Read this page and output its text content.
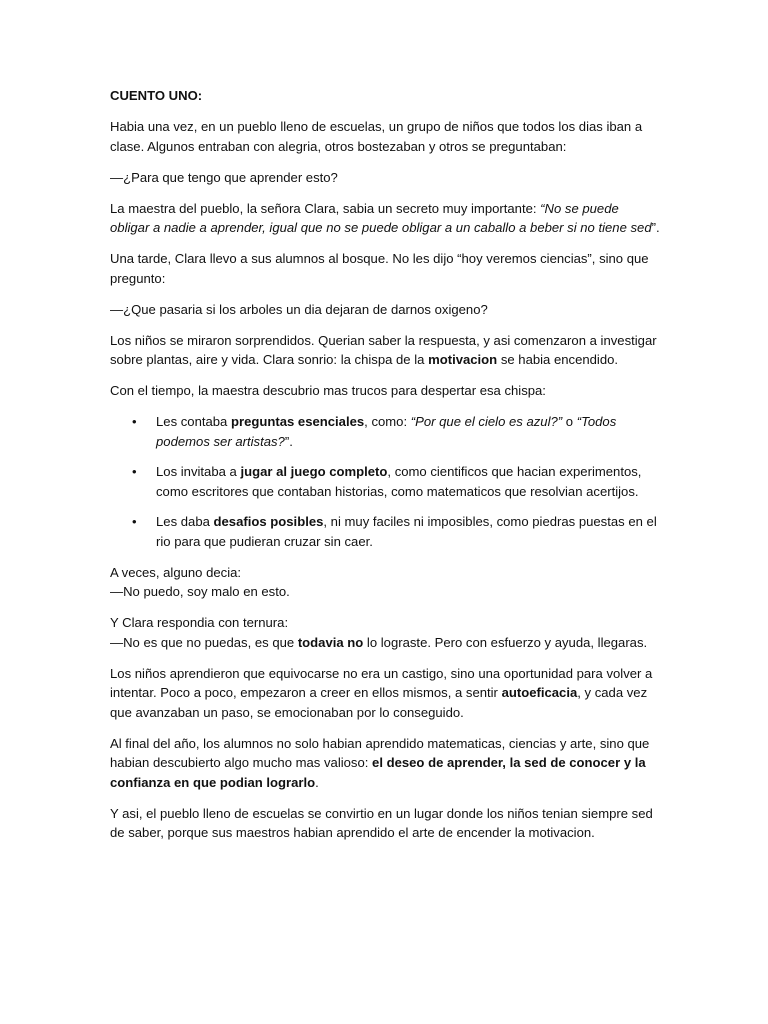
CUENTO UNO:

Habia una vez, en un pueblo lleno de escuelas, un grupo de niños que todos los dias iban a clase. Algunos entraban con alegria, otros bostezaban y otros se preguntaban:

—¿Para que tengo que aprender esto?

La maestra del pueblo, la señora Clara, sabia un secreto muy importante: “No se puede obligar a nadie a aprender, igual que no se puede obligar a un caballo a beber si no tiene sed”.

Una tarde, Clara llevo a sus alumnos al bosque. No les dijo “hoy veremos ciencias”, sino que pregunto:

—¿Que pasaria si los arboles un dia dejaran de darnos oxigeno?

Los niños se miraron sorprendidos. Querian saber la respuesta, y asi comenzaron a investigar sobre plantas, aire y vida. Clara sonrio: la chispa de la motivacion se habia encendido.

Con el tiempo, la maestra descubrio mas trucos para despertar esa chispa:

• Les contaba preguntas esenciales, como: “Por que el cielo es azul?” o “Todos podemos ser artistas?”.
• Los invitaba a jugar al juego completo, como cientificos que hacian experimentos, como escritores que contaban historias, como matematicos que resolvian acertijos.
• Les daba desafios posibles, ni muy faciles ni imposibles, como piedras puestas en el rio para que pudieran cruzar sin caer.

A veces, alguno decia:
—No puedo, soy malo en esto.

Y Clara respondia con ternura:
—No es que no puedas, es que todavia no lo lograste. Pero con esfuerzo y ayuda, llegaras.

Los niños aprendieron que equivocarse no era un castigo, sino una oportunidad para volver a intentar. Poco a poco, empezaron a creer en ellos mismos, a sentir autoeficacia, y cada vez que avanzaban un paso, se emocionaban por lo conseguido.

Al final del año, los alumnos no solo habian aprendido matematicas, ciencias y arte, sino que habian descubierto algo mucho mas valioso: el deseo de aprender, la sed de conocer y la confianza en que podian lograrlo.

Y asi, el pueblo lleno de escuelas se convirtio en un lugar donde los niños tenian siempre sed de saber, porque sus maestros habian aprendido el arte de encender la motivacion.
